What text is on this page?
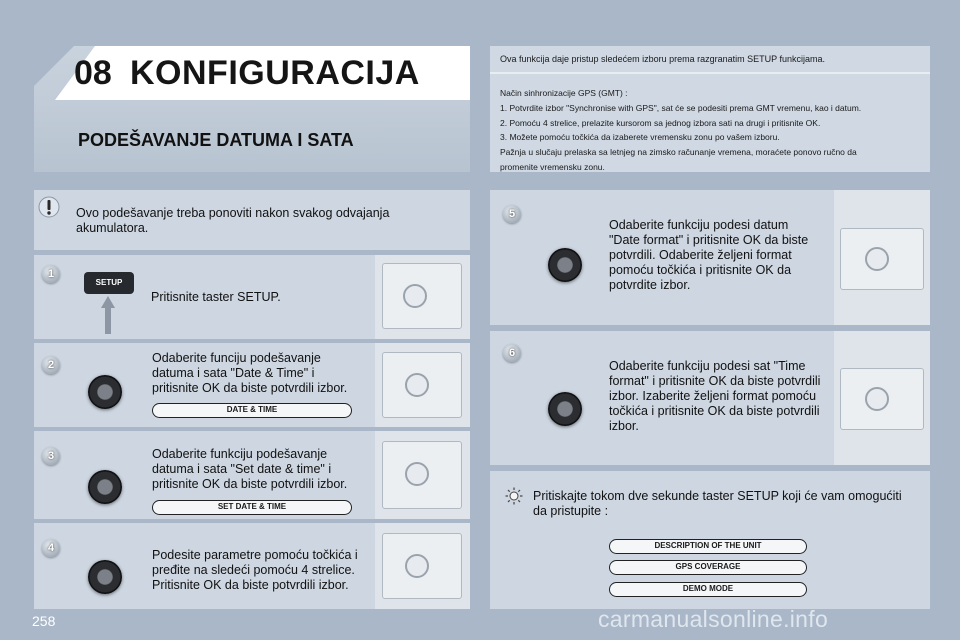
08 KONFIGURACIJA
PODEŠAVANJE DATUMA I SATA
Ova funkcija daje pristup sledećem izboru prema razgranatim SETUP funkcijama.
Način sinhronizacije GPS (GMT) :
1. Potvrdite izbor "Synchronise with GPS", sat će se podesiti prema GMT vremenu, kao i datum.
2. Pomoću 4 strelice, prelazite kursorom sa jednog izbora sati na drugi i pritisnite OK.
3. Možete pomoću točkića da izaberete vremensku zonu po vašem izboru.
Pažnja u slučaju prelaska sa letnjeg na zimsko računanje vremena, moraćete ponovo ručno da
promenite vremensku zonu.
Ovo podešavanje treba ponoviti nakon svakog odvajanja akumulatora.
1
SETUP
Pritisnite taster SETUP.
2	Odaberite funciju podešavanje datuma i sata "Date & Time" i pritisnite OK da biste potvrdili izbor.
DATE & TIME
3	Odaberite funkciju podešavanje datuma i sata "Set date & time" i pritisnite OK da biste potvrdili izbor.
SET DATE & TIME
4	Podesite parametre pomoću točkića i pređite na sledeći pomoću 4 strelice. Pritisnite OK da biste potvrdili izbor.
5
Odaberite funkciju podesi datum "Date format" i pritisnite OK da biste potvrdili. Odaberite željeni format pomoću točkića i pritisnite OK da potvrdite izbor.
6
Odaberite funkciju podesi sat "Time format" i pritisnite OK da biste potvrdili izbor. Izaberite željeni format pomoću točkića i pritisnite OK da biste potvrdili izbor.
Pritiskajte tokom dve sekunde taster SETUP koji će vam omogućiti da pristupite :
DESCRIPTION OF THE UNIT
GPS COVERAGE
DEMO MODE
258	carmanualsonline.info
